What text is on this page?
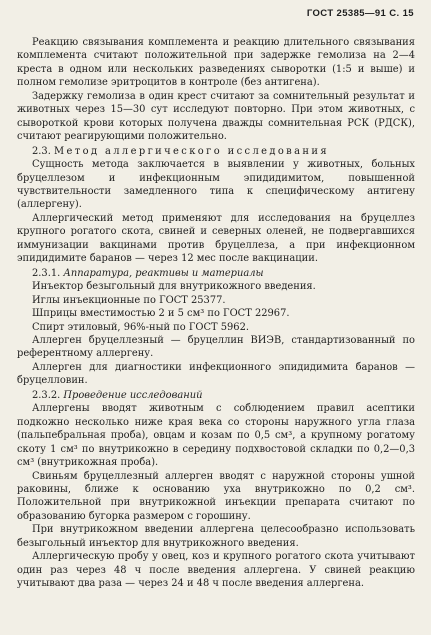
ГОСТ 25385—91 С. 15

Реакцию связывания комплемента и реакцию длительного связывания комплемента считают положительной при задержке гемолиза на 2—4 креста в одном или нескольких разведениях сыворотки (1:5 и выше) и полном гемолизе эритроцитов в контроле (без антигена).

Задержку гемолиза в один крест считают за сомнительный результат и животных через 15—30 сут исследуют повторно. При этом животных, с сывороткой крови которых получена дважды сомнительная РСК (РДСК), считают реагирующими положительно.

2.3. Метод аллергического исследования

Сущность метода заключается в выявлении у животных, больных бруцеллезом и инфекционным эпидидимитом, повышенной чувствительности замедленного типа к специфическому антигену (аллергену).

Аллергический метод применяют для исследования на бруцеллез крупного рогатого скота, свиней и северных оленей, не подвергавшихся иммунизации вакцинами против бруцеллеза, а при инфекционном эпидидимите баранов — через 12 мес после вакцинации.

2.3.1. Аппаратура, реактивы и материалы

Инъектор безыгольный для внутрикожного введения.

Иглы инъекционные по ГОСТ 25377.

Шприцы вместимостью 2 и 5 см³ по ГОСТ 22967.

Спирт этиловый, 96%-ный по ГОСТ 5962.

Аллерген бруцеллезный — бруцеллин ВИЭВ, стандартизованный по референтному аллергену.

Аллерген для диагностики инфекционного эпидидимита баранов — бруцелловин.

2.3.2. Проведение исследований

Аллергены вводят животным с соблюдением правил асептики подкожно несколько ниже края века со стороны наружного угла глаза (пальпебральная проба), овцам и козам по 0,5 см³, а крупному рогатому скоту 1 см³ по внутрикожно в середину подхвостовой складки по 0,2—0,3 см³ (внутрикожная проба).

Свиньям бруцеллезный аллерген вводят с наружной стороны ушной раковины, ближе к основанию уха внутрикожно по 0,2 см³. Положительной при внутрикожной инъекции препарата считают по образованию бугорка размером с горошину.

При внутрикожном введении аллергена целесообразно использовать безыгольный инъектор для внутрикожного введения.

Аллергическую пробу у овец, коз и крупного рогатого скота учитывают один раз через 48 ч после введения аллергена. У свиней реакцию учитывают два раза — через 24 и 48 ч после введения аллергена.
